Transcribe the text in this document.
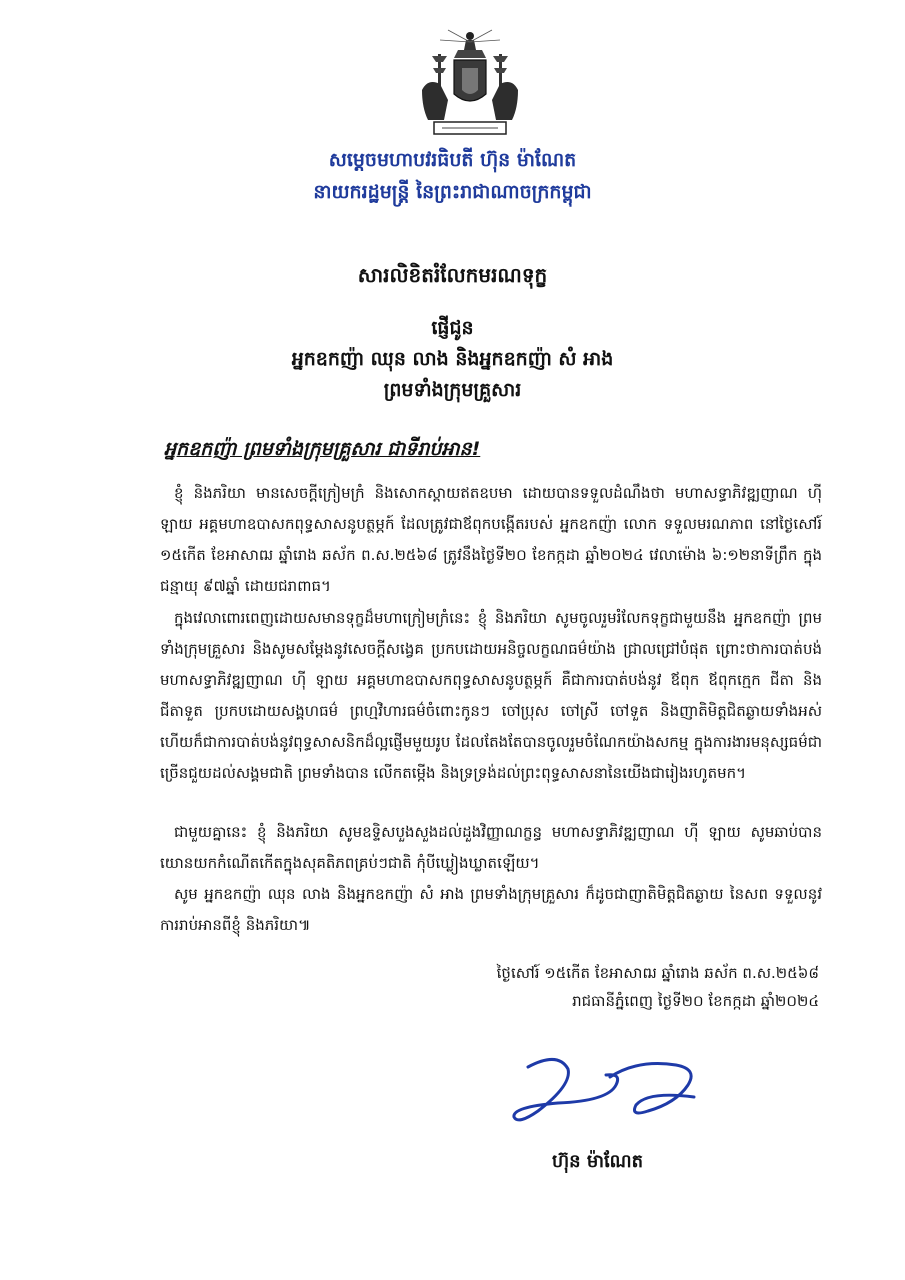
សម្តេចមហាបវរធិបតី ហ៊ុន ម៉ាណែត
នាយករដ្ឋមន្ត្រី នៃព្រះរាជាណាចក្រកម្ពុជា
សារលិខិតរំលែកមរណទុក្ខ
ផ្ញើជូន
អ្នកឧកញ៉ា ឈុន លាង និងអ្នកឧកញ៉ា សំ អាង
ព្រមទាំងក្រុមគ្រួសារ
អ្នកឧកញ៉ា ព្រមទាំងក្រុមគ្រួសារ ជាទីរាប់អាន!
ខ្ញុំ និងភរិយា មានសេចក្តីក្រៀមក្រំ និងសោកស្តាយឥតឧបមា ដោយបានទទួលដំណឹងថា មហាសទ្ធាភិវឌ្ឍញាណ ហ៊ី ឡាយ អគ្គមហាឧបាសកពុទ្ធសាសនូបត្ថម្ភក៍ ដែលត្រូវជាឪពុកបង្កើតរបស់ អ្នកឧកញ៉ា លោក ទទួលមរណភាព នៅថ្ងៃសៅរ៍ ១៥កើត ខែអាសាឍ ឆ្នាំរោង ឆស័ក ព.ស.២៥៦៨ ត្រូវនឹងថ្ងៃទី២០ ខែកក្កដា ឆ្នាំ២០២៤ វេលាម៉ោង ៦:១២នាទីព្រឹក ក្នុងជន្មាយុ ៩៧ឆ្នាំ ដោយជរាពាធ។
ក្នុងវេលាពោរពេញដោយសមានទុក្ខដ៏មហាក្រៀមក្រំនេះ ខ្ញុំ និងភរិយា សូមចូលរួមរំលែកទុក្ខជាមួយនឹង អ្នកឧកញ៉ា ព្រមទាំងក្រុមគ្រួសារ និងសូមសម្តែងនូវសេចក្តីសង្វេគ ប្រកបដោយអនិច្ចលក្ខណធម៌យ៉ាង ជ្រាលជ្រៅបំផុត ព្រោះថាការបាត់បង់ មហាសទ្ធាភិវឌ្ឍញាណ ហ៊ី ឡាយ អគ្គមហាឧបាសកពុទ្ធសាសនូបត្ថម្ភក៍ គឺជាការបាត់បង់នូវ ឪពុក ឪពុកក្មេក ជីតា និងជីតាទួត ប្រកបដោយសង្គហធម៌ ព្រហ្មវិហារធម៌ចំពោះកូនៗ ចៅប្រុស ចៅស្រី ចៅទួត និងញាតិមិត្តជិតឆ្ងាយទាំងអស់ ហើយក៏ជាការបាត់បង់នូវពុទ្ធសាសនិកដ៏ល្អផ្ញើមមួយរូប ដែលតែងតែបានចូលរួមចំណែកយ៉ាងសកម្ម ក្នុងការងារមនុស្សធម៌ជាច្រើនជួយដល់សង្គមជាតិ ព្រមទាំងបាន លើកតម្កើង និងទ្រទ្រង់ដល់ព្រះពុទ្ធសាសនានៃយើងជារៀងរហូតមក។
ជាមួយគ្នានេះ ខ្ញុំ និងភរិយា សូមឧទ្ទិសបួងសួងដល់ដួងវិញ្ញាណក្ខន្ធ មហាសទ្ធាភិវឌ្ឍញាណ ហ៊ី ឡាយ សូមឆាប់បានយោនយកកំណើតកើតក្នុងសុគតិភពគ្រប់ៗជាតិ កុំបីឃ្លៀងឃ្លាតឡើយ។
សូម អ្នកឧកញ៉ា ឈុន លាង និងអ្នកឧកញ៉ា សំ អាង ព្រមទាំងក្រុមគ្រួសារ ក៏ដូចជាញាតិមិត្តជិតឆ្ងាយ នៃសព ទទួលនូវការរាប់អានពីខ្ញុំ និងភរិយា៕
ថ្ងៃសៅរ៍ ១៥កើត ខែអាសាឍ ឆ្នាំរោង ឆស័ក ព.ស.២៥៦៨
រាជធានីភ្នំពេញ ថ្ងៃទី២០ ខែកក្កដា ឆ្នាំ២០២៤
ហ៊ុន ម៉ាណែត
